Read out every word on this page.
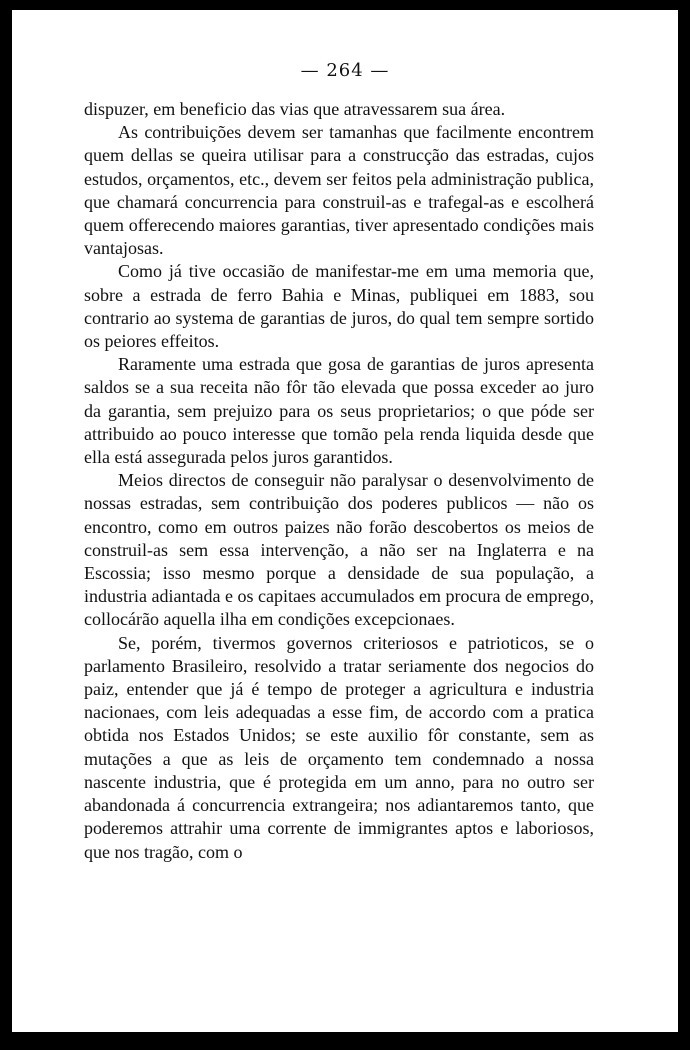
— 264 —

dispuzer, em beneficio das vias que atravessarem sua área.

As contribuições devem ser tamanhas que facilmente encontrem quem dellas se queira utilisar para a construcção das estradas, cujos estudos, orçamentos, etc., devem ser feitos pela administração publica, que chamará concurrencia para construil-as e trafegal-as e escolherá quem offerecendo maiores garantias, tiver apresentado condições mais vantajosas.

Como já tive occasião de manifestar-me em uma memoria que, sobre a estrada de ferro Bahia e Minas, publiquei em 1883, sou contrario ao systema de garantias de juros, do qual tem sempre sortido os peiores effeitos.

Raramente uma estrada que gosa de garantias de juros apresenta saldos se a sua receita não fôr tão elevada que possa exceder ao juro da garantia, sem prejuizo para os seus proprietarios; o que póde ser attribuido ao pouco interesse que tomão pela renda liquida desde que ella está assegurada pelos juros garantidos.

Meios directos de conseguir não paralysar o desenvolvimento de nossas estradas, sem contribuição dos poderes publicos — não os encontro, como em outros paizes não forão descobertos os meios de construil-as sem essa intervenção, a não ser na Inglaterra e na Escossia; isso mesmo porque a densidade de sua população, a industria adiantada e os capitaes accumulados em procura de emprego, collocárão aquella ilha em condições excepcionaes.

Se, porém, tivermos governos criteriosos e patrioticos, se o parlamento Brasileiro, resolvido a tratar seriamente dos negocios do paiz, entender que já é tempo de proteger a agricultura e industria nacionaes, com leis adequadas a esse fim, de accordo com a pratica obtida nos Estados Unidos; se este auxilio fôr constante, sem as mutações a que as leis de orçamento tem condemnado a nossa nascente industria, que é protegida em um anno, para no outro ser abandonada á concurrencia extrangeira; nos adiantaremos tanto, que poderemos attrahir uma corrente de immigrantes aptos e laboriosos, que nos tragão, com o
